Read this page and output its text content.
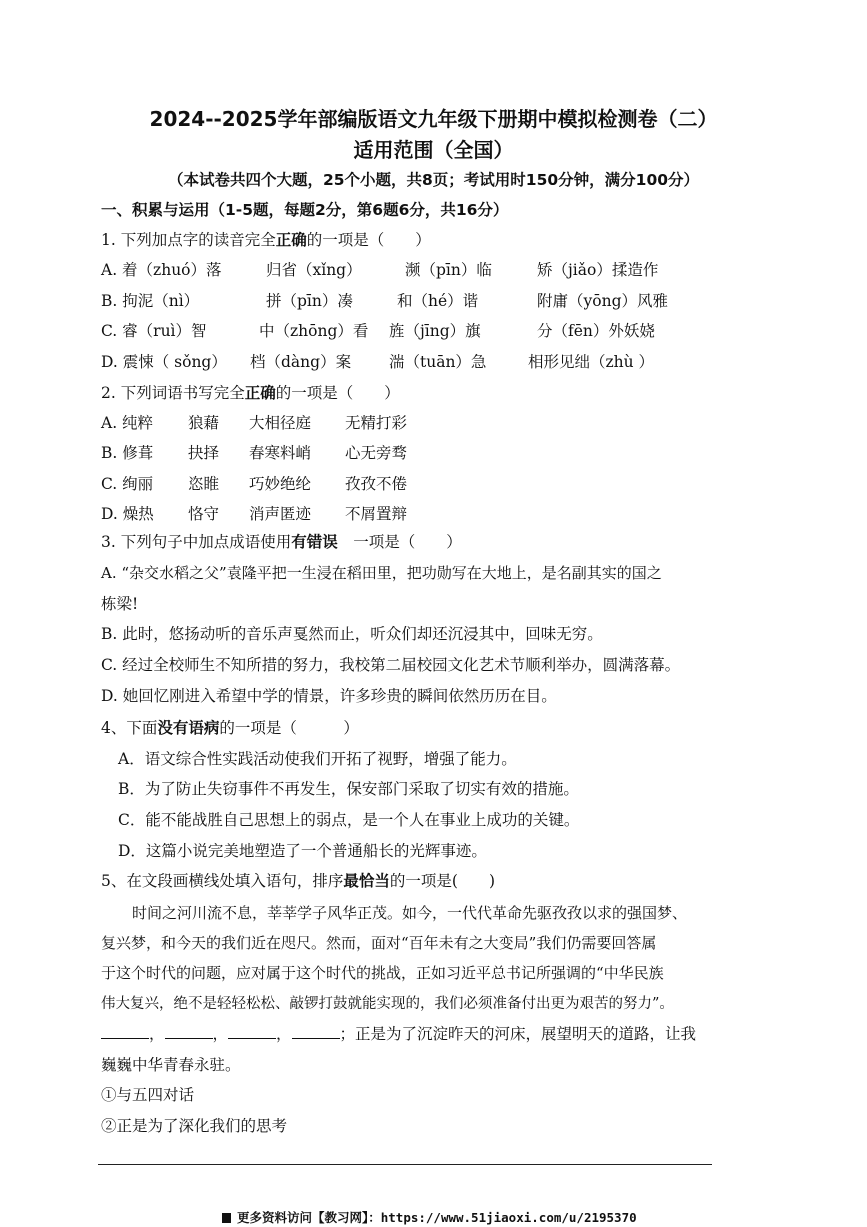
2024--2025学年部编版语文九年级下册期中模拟检测卷（二）
适用范围（全国）
（本试卷共四个大题，25个小题，共8页；考试用时150分钟，满分100分）
一、积累与运用（1-5题，每题2分，第6题6分，共16分）
1. 下列加点字的读音完全正确的一项是（　　）
A. 着（zhuó）落	归省（xǐng）	濒（pīn）临	矫（jiǎo）揉造作
B. 拘泥（nì）	拼（pīn）凑	和（hé）谐	附庸（yōng）风雅
C. 睿（ruì）智	中（zhōng）看 旌（jīng）旗	分（fēn）外妖娆
D. 震悚（ sǒng） 档（dàng）案 湍（tuān）急	相形见绌（zhù ）
2. 下列词语书写完全正确的一项是（　　）
A. 纯粹 狼藉 大相径庭 无精打彩
B. 修葺 抉择 春寒料峭 心无旁骛
C. 绚丽 恣睢 巧妙绝纶 孜孜不倦
D. 燥热 恪守 消声匿迹 不屑置辩
3. 下列句子中加点成语使用有错误　一项是（　　）
A. “杂交水稻之父”袁隆平把一生浸在稻田里，把功勋写在大地上，是名副其实的国之
栋梁!
B. 此时，悠扬动听的音乐声戛然而止，听众们却还沉浸其中，回味无穷。
C. 经过全校师生不知所措的努力，我校第二届校园文化艺术节顺利举办，圆满落幕。
D. 她回忆刚进入希望中学的情景，许多珍贵的瞬间依然历历在目。
4、下面没有语病的一项是（　　　）
A．语文综合性实践活动使我们开拓了视野，增强了能力。
B．为了防止失窃事件不再发生，保安部门采取了切实有效的措施。
C．能不能战胜自己思想上的弱点，是一个人在事业上成功的关键。
D．这篇小说完美地塑造了一个普通船长的光辉事迹。
5、在文段画横线处填入语句，排序最恰当的一项是(　　)
时间之河川流不息，莘莘学子风华正茂。如今，一代代革命先驱孜孜以求的强国梦、
复兴梦，和今天的我们近在咫尺。然而，面对“百年未有之大变局”我们仍需要回答属
于这个时代的问题，应对属于这个时代的挑战，正如习近平总书记所强调的“中华民族
伟大复兴，绝不是轻轻松松、敲锣打鼓就能实现的，我们必须准备付出更为艰苦的努力”。
，	，	，	；正是为了沉淀昨天的河床，展望明天的道路，让我
巍巍中华青春永驻。
①与五四对话
②正是为了深化我们的思考
更多资料访问【教习网】：https://www.51jiaoxi.com/u/2195370
